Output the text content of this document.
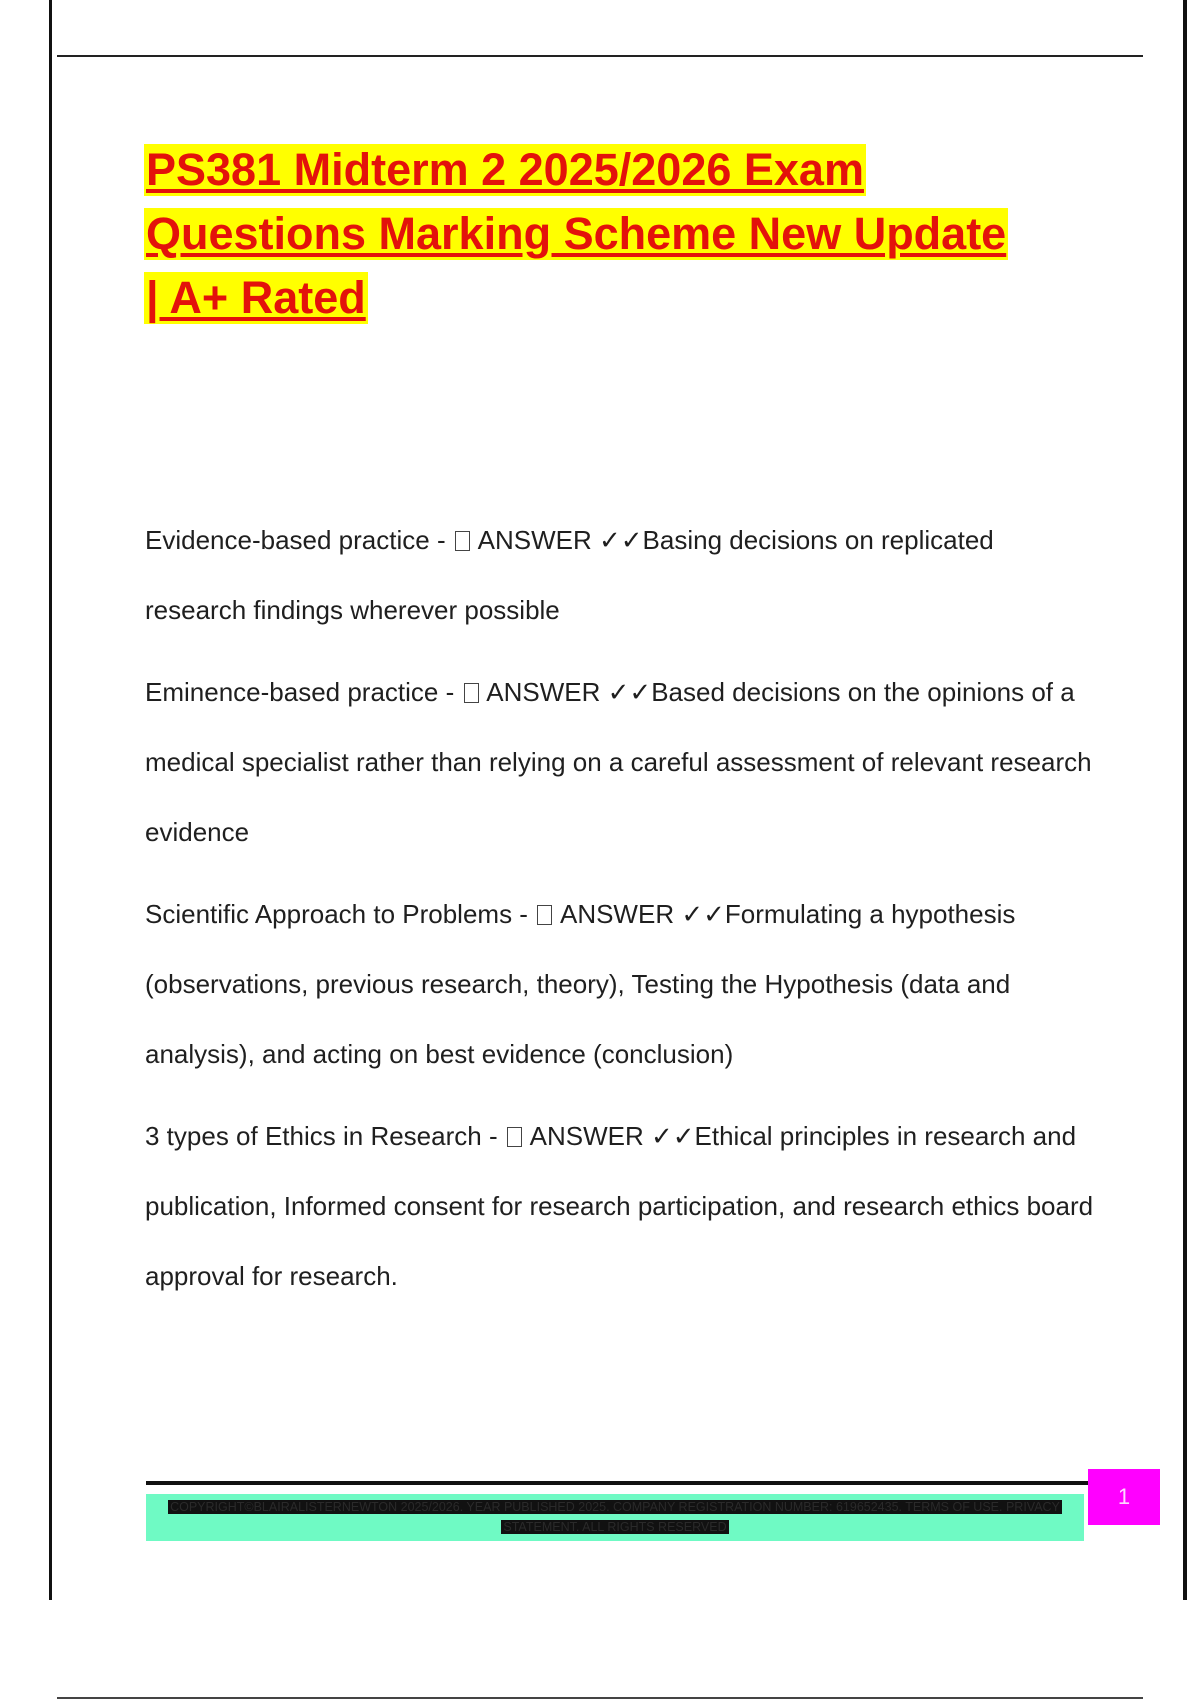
PS381 Midterm 2 2025/2026 Exam
Questions Marking Scheme New Update
| A+ Rated

Evidence-based practice -  ANSWER ✓✓Basing decisions on replicated research findings wherever possible

Eminence-based practice -  ANSWER ✓✓Based decisions on the opinions of a medical specialist rather than relying on a careful assessment of relevant research evidence

Scientific Approach to Problems -  ANSWER ✓✓Formulating a hypothesis (observations, previous research, theory), Testing the Hypothesis (data and analysis), and acting on best evidence (conclusion)

3 types of Ethics in Research -  ANSWER ✓✓Ethical principles in research and publication, Informed consent for research participation, and research ethics board approval for research.

COPYRIGHT©BLAIRALISTERNEWTON 2025/2026. YEAR PUBLISHED 2025. COMPANY REGISTRATION NUMBER: 619652435. TERMS OF USE. PRIVACY STATEMENT. ALL RIGHTS RESERVED
1
